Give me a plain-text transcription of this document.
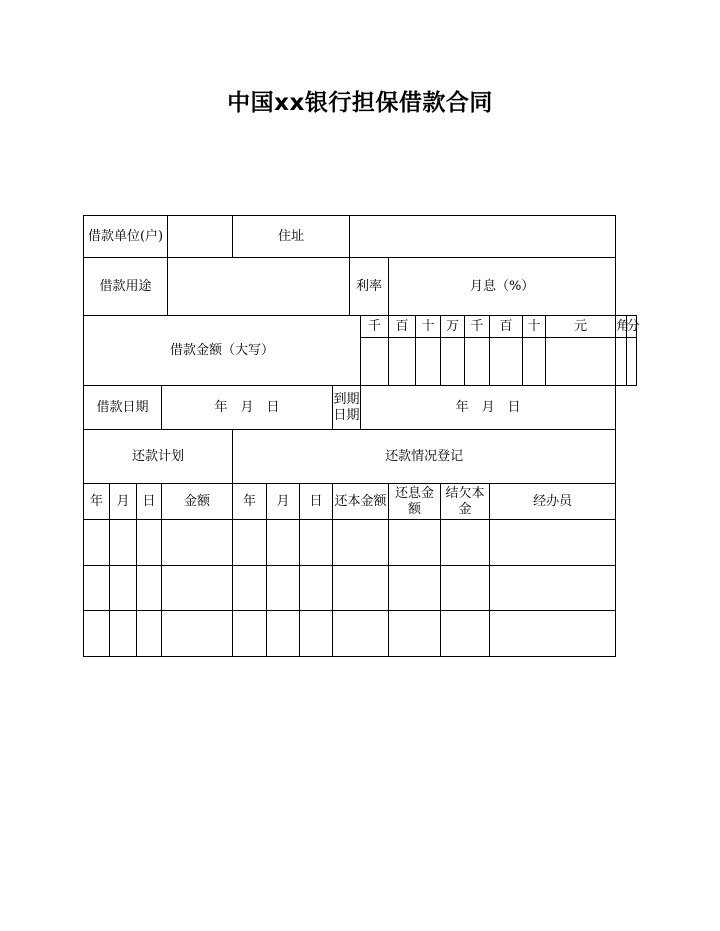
中国xx银行担保借款合同
借款单位(户)					住址														
借款用途									利率		月息（%）								
借款金额（大写）										千	百	十	万	千	百	十	元	角	分

借款日期			年　月　日					到期日期		年　月　日									
还款计划					还款情况登记														
年	月	日	金额		年	月	日	还本金额			还息金额		结欠本金		经办员				
